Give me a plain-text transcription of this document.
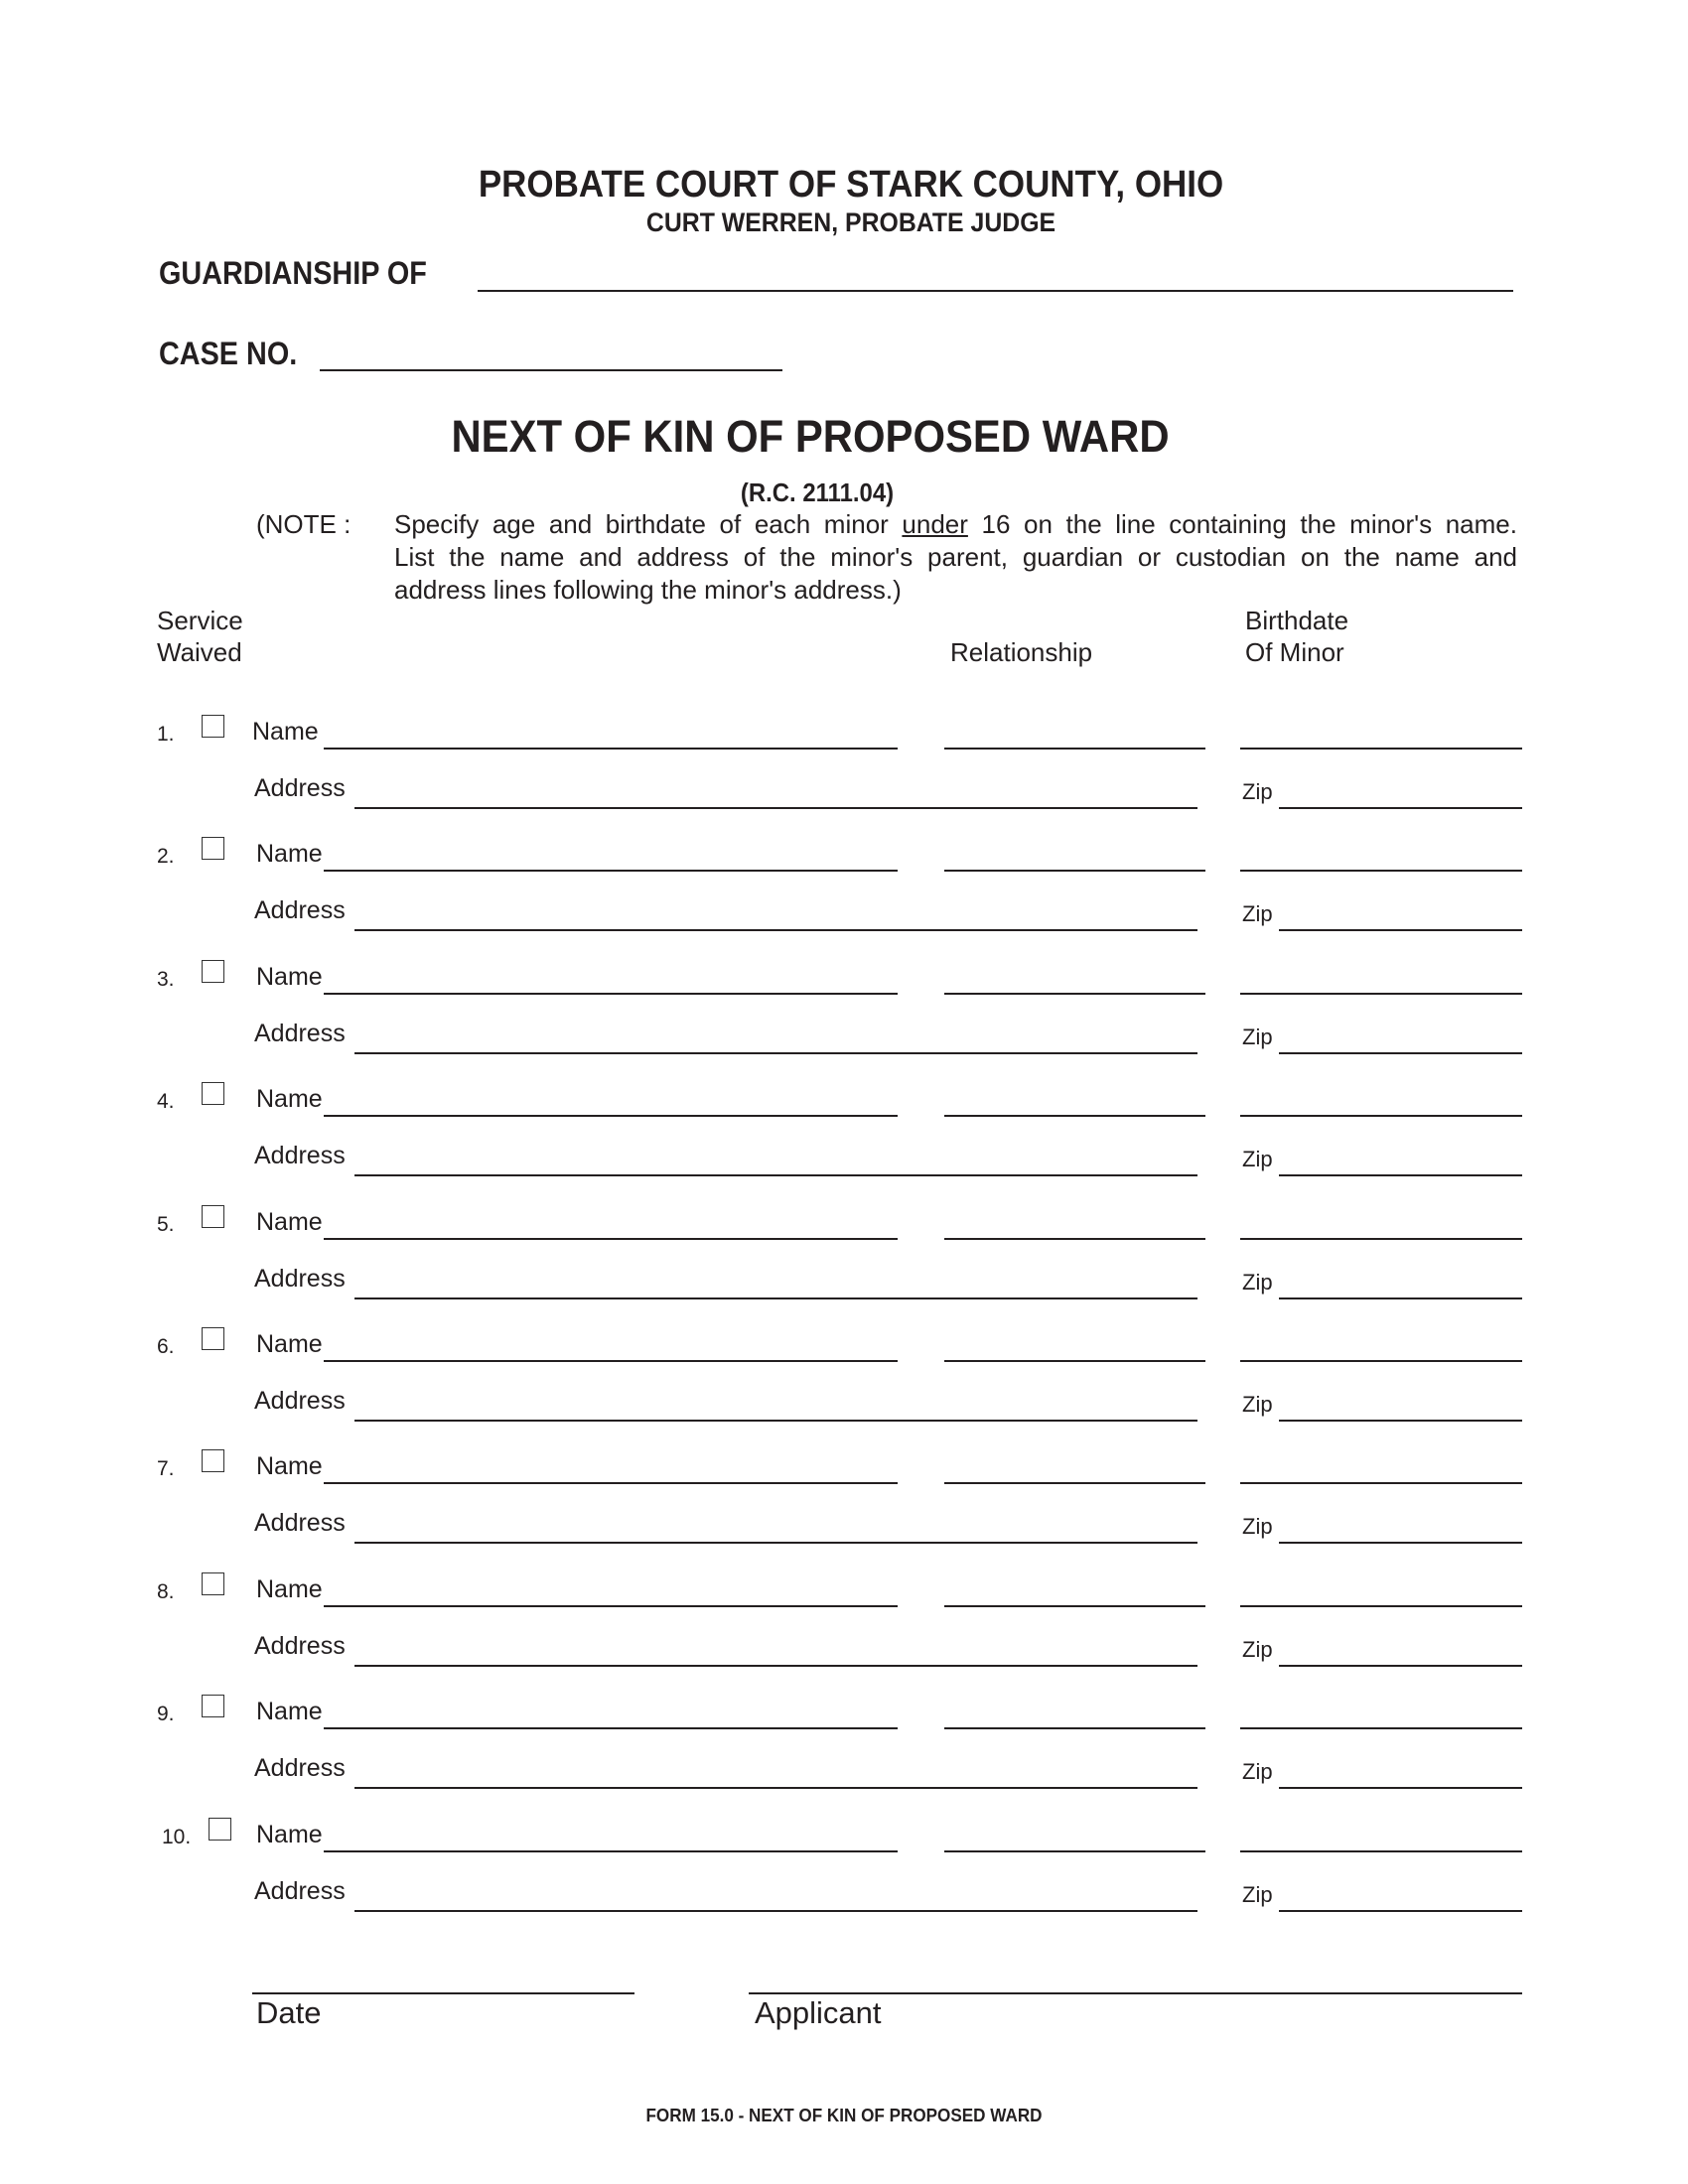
PROBATE COURT OF STARK COUNTY, OHIO
CURT WERREN, PROBATE JUDGE
GUARDIANSHIP OF
CASE NO.
NEXT OF KIN OF PROPOSED WARD
(R.C. 2111.04)
(NOTE : Specify age and birthdate of each minor under 16 on the line containing the minor's name.
List the name and address of the minor's parent, guardian or custodian on the name and
address lines following the minor's address.)
Service
Waived	Relationship
Birthdate
Of Minor
1.	Name
Address	Zip
2.	Name
Address	Zip
3.	Name
Address	Zip
4.	Name
Address	Zip
5.	Name
Address	Zip
6.	Name
Address	Zip
7.	Name
Address	Zip
8.	Name
Address	Zip
9.	Name
Address	Zip
10.	Name
Address	Zip
Date	Applicant
FORM 15.0 - NEXT OF KIN OF PROPOSED WARD
